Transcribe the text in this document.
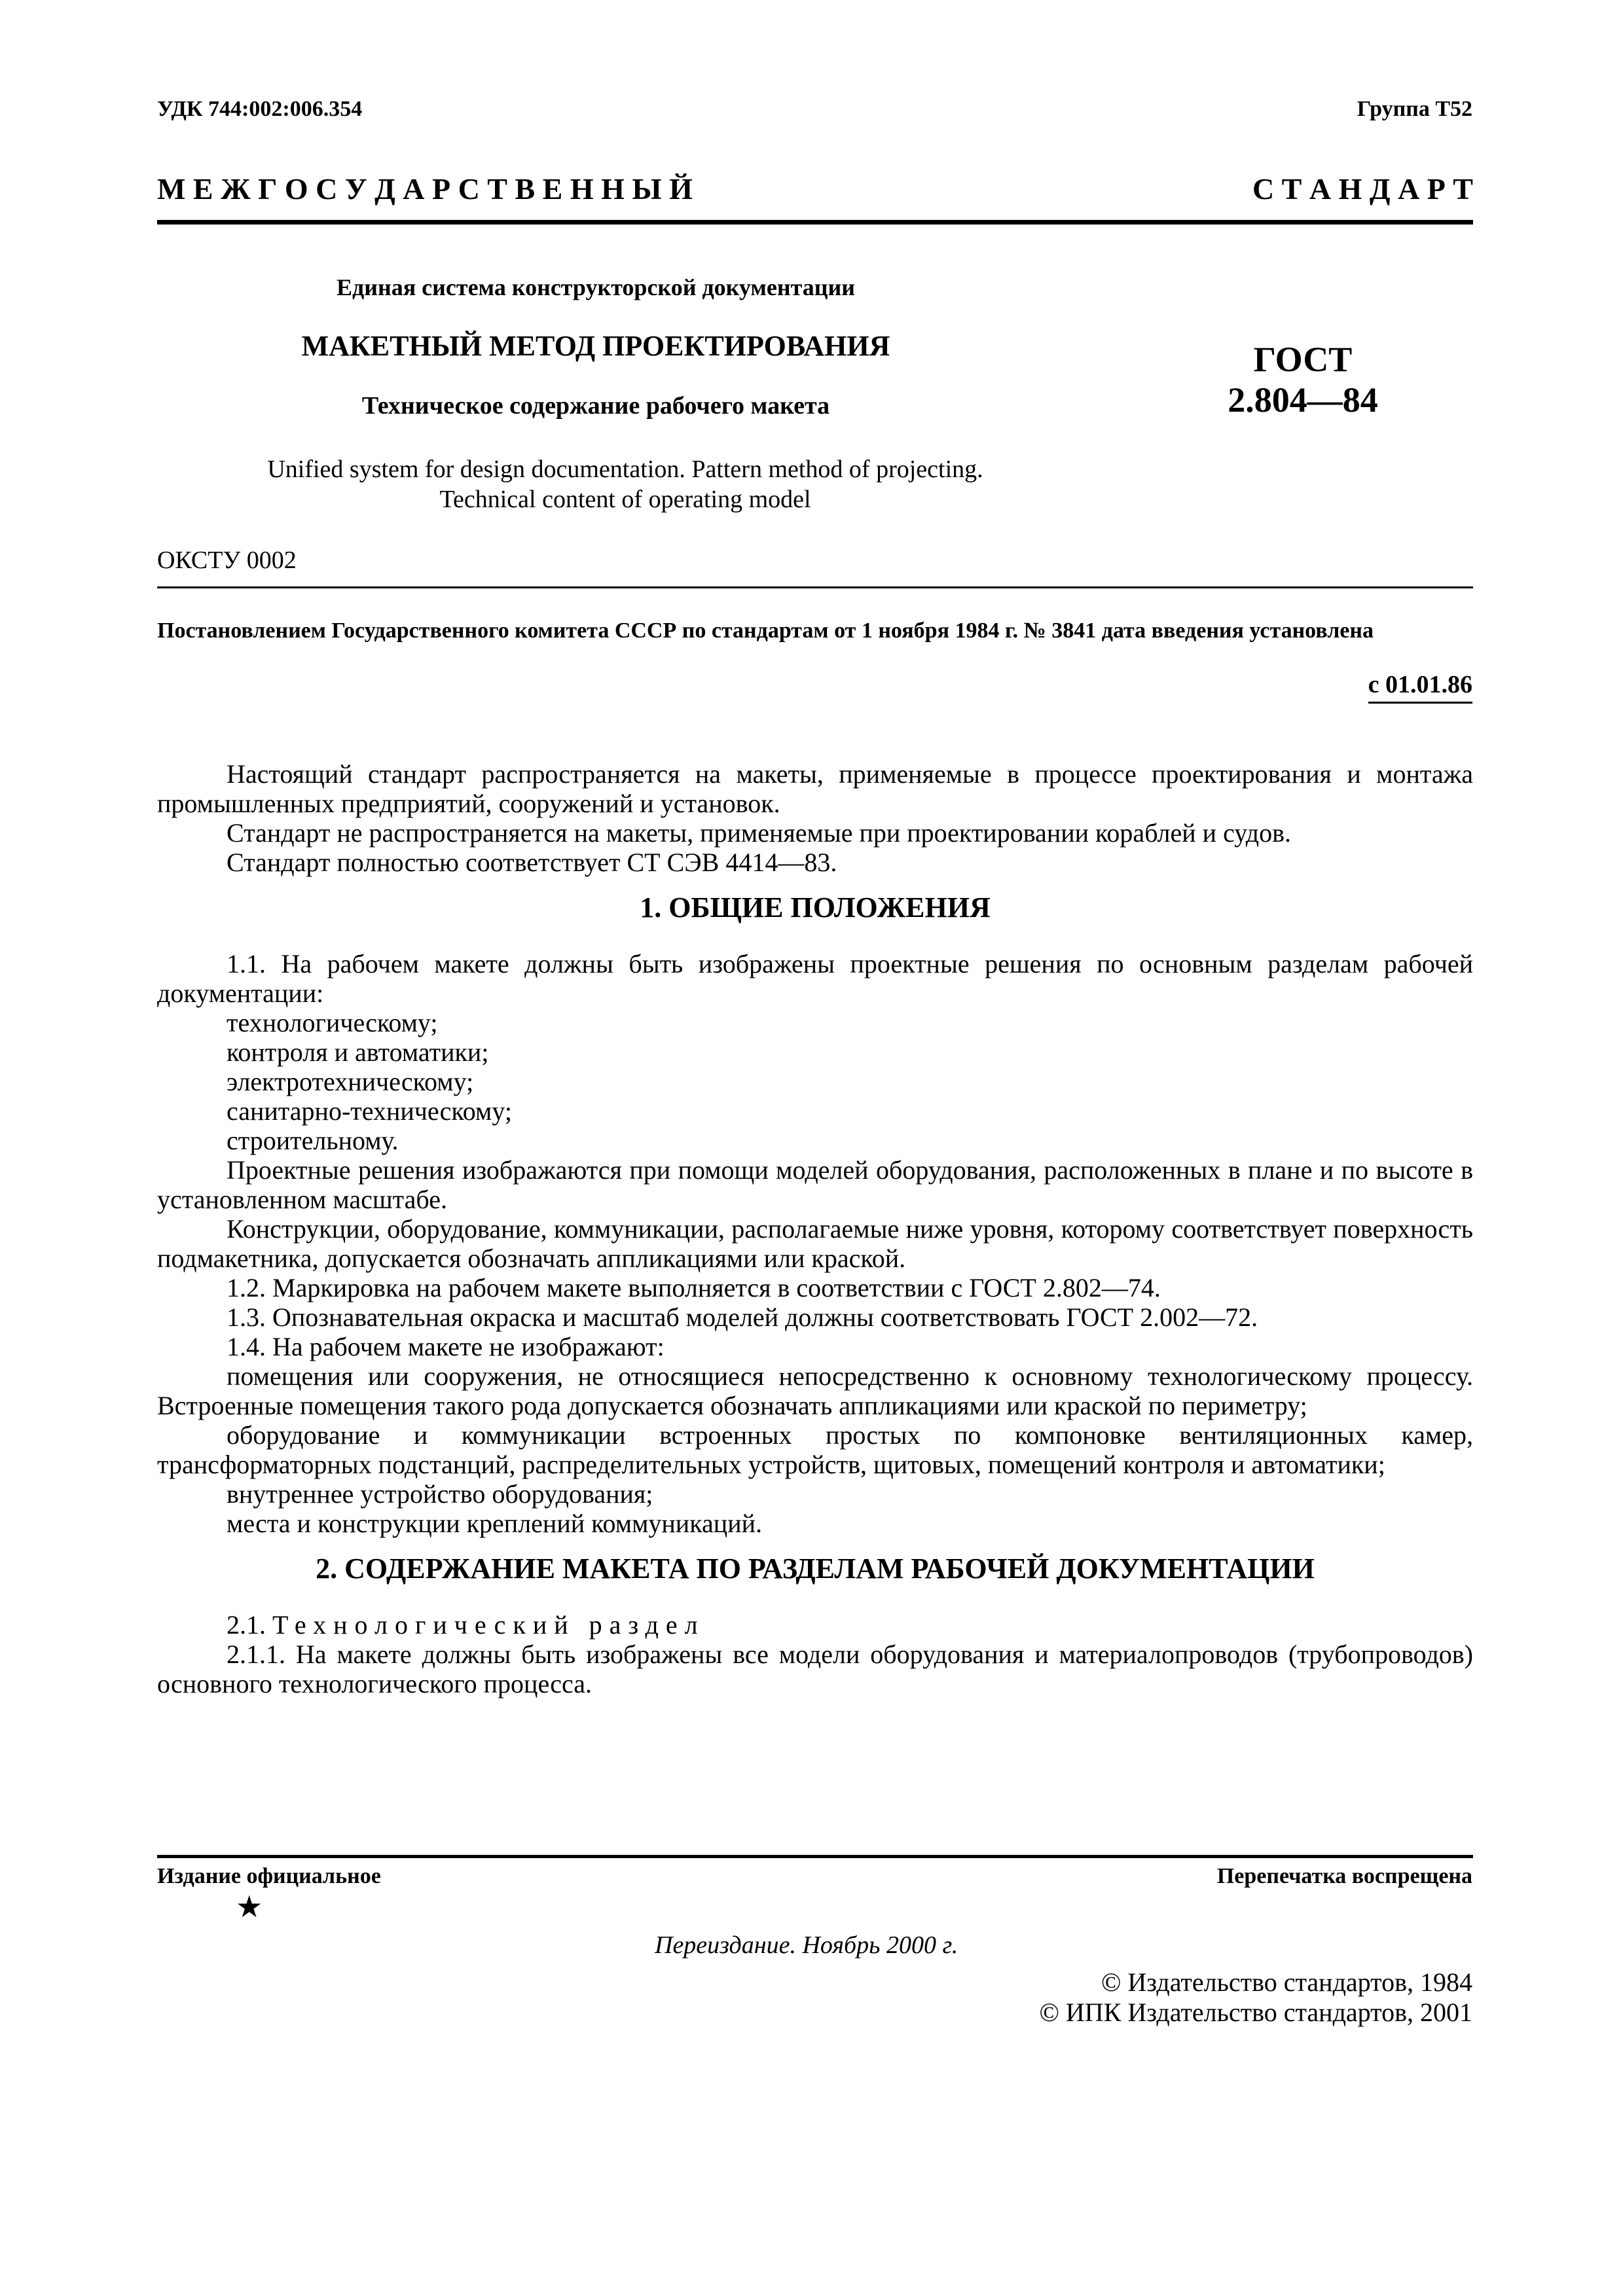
УДК 744:002:006.354	Группа Т52
М Е Ж Г О С У Д А Р С Т В Е Н Н Ы Й	С Т А Н Д А Р Т
Единая система конструкторской документации
МАКЕТНЫЙ МЕТОД ПРОЕКТИРОВАНИЯ
Техническое содержание рабочего макета
ГОСТ
2.804—84
Unified system for design documentation. Pattern method of projecting.
Technical content of operating model
ОКСТУ 0002
Постановлением Государственного комитета СССР по стандартам от 1 ноября 1984 г. № 3841 дата введения установлена
с 01.01.86

Настоящий стандарт распространяется на макеты, применяемые в процессе проектирования и монтажа промышленных предприятий, сооружений и установок.

Стандарт не распространяется на макеты, применяемые при проектировании кораблей и судов.

Стандарт полностью соответствует СТ СЭВ 4414—83.

1. ОБЩИЕ ПОЛОЖЕНИЯ

1.1. На рабочем макете должны быть изображены проектные решения по основным разделам рабочей документации:

технологическому;

контроля и автоматики;

электротехническому;

санитарно-техническому;

строительному.

Проектные решения изображаются при помощи моделей оборудования, расположенных в плане и по высоте в установленном масштабе.

Конструкции, оборудование, коммуникации, располагаемые ниже уровня, которому соответствует поверхность подмакетника, допускается обозначать аппликациями или краской.

1.2. Маркировка на рабочем макете выполняется в соответствии с ГОСТ 2.802—74.

1.3. Опознавательная окраска и масштаб моделей должны соответствовать ГОСТ 2.002—72.

1.4. На рабочем макете не изображают:

помещения или сооружения, не относящиеся непосредственно к основному технологическому процессу. Встроенные помещения такого рода допускается обозначать аппликациями или краской по периметру;

оборудование и коммуникации встроенных простых по компоновке вентиляционных камер, трансформаторных подстанций, распределительных устройств, щитовых, помещений контроля и автоматики;

внутреннее устройство оборудования;

места и конструкции креплений коммуникаций.

2. СОДЕРЖАНИЕ МАКЕТА ПО РАЗДЕЛАМ РАБОЧЕЙ ДОКУМЕНТАЦИИ

2.1. Технологический раздел

2.1.1. На макете должны быть изображены все модели оборудования и материалопроводов (трубопроводов) основного технологического процесса.

Издание официальное	Перепечатка воспрещена
★
Переиздание. Ноябрь 2000 г.
© Издательство стандартов, 1984
© ИПК Издательство стандартов, 2001
